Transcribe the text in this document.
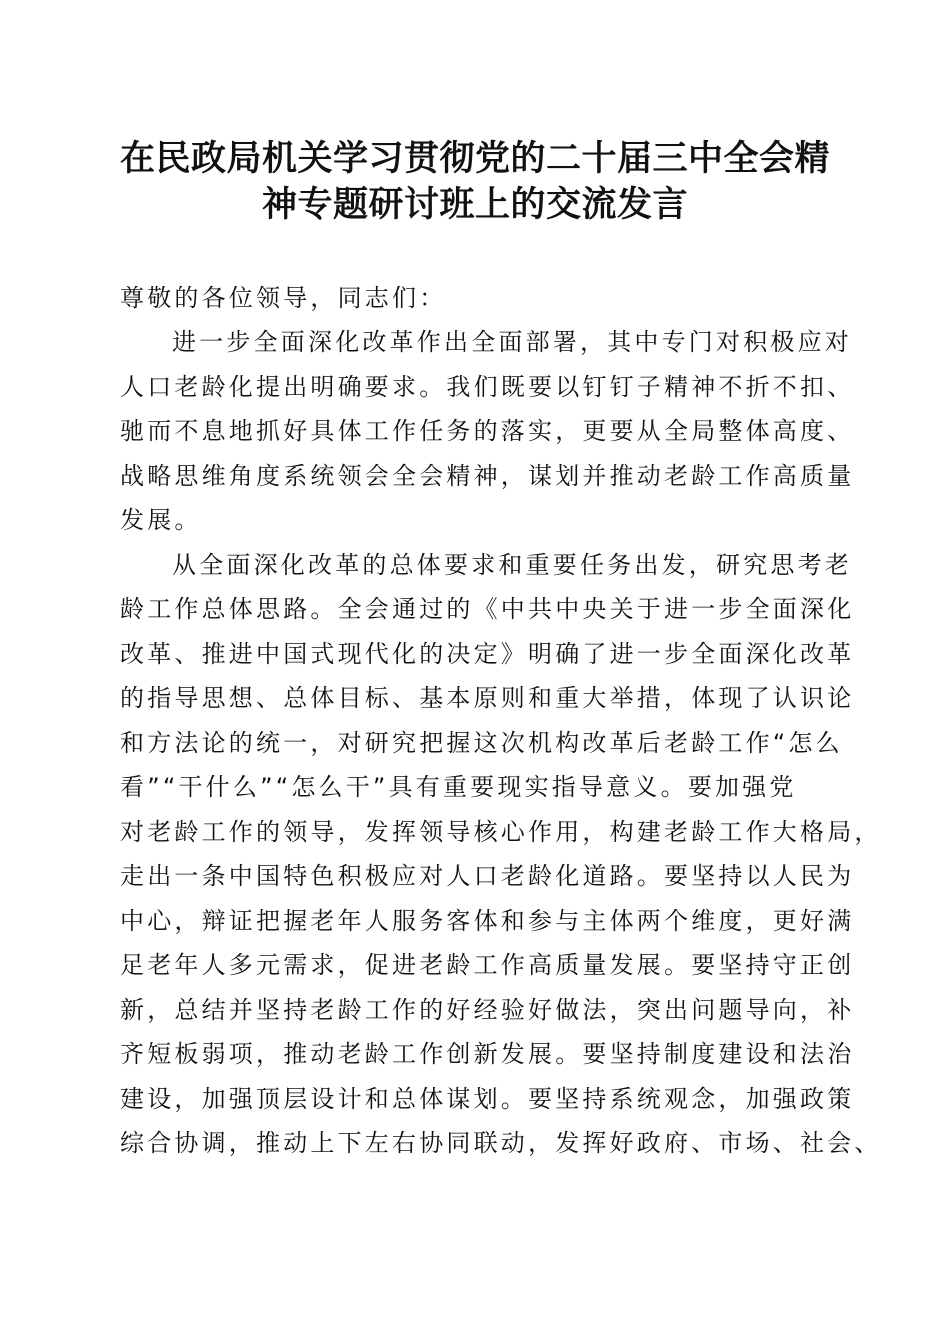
在民政局机关学习贯彻党的二十届三中全会精
神专题研讨班上的交流发言
尊敬的各位领导，同志们：
进一步全面深化改革作出全面部署，其中专门对积极应对
人口老龄化提出明确要求。我们既要以钉钉子精神不折不扣、
驰而不息地抓好具体工作任务的落实，更要从全局整体高度、
战略思维角度系统领会全会精神，谋划并推动老龄工作高质量
发展。
从全面深化改革的总体要求和重要任务出发，研究思考老
龄工作总体思路。全会通过的《中共中央关于进一步全面深化
改革、推进中国式现代化的决定》明确了进一步全面深化改革
的指导思想、总体目标、基本原则和重大举措，体现了认识论
和方法论的统一，对研究把握这次机构改革后老龄工作“怎么
看”“干什么”“怎么干”具有重要现实指导意义。要加强党
对老龄工作的领导，发挥领导核心作用，构建老龄工作大格局，
走出一条中国特色积极应对人口老龄化道路。要坚持以人民为
中心，辩证把握老年人服务客体和参与主体两个维度，更好满
足老年人多元需求，促进老龄工作高质量发展。要坚持守正创
新，总结并坚持老龄工作的好经验好做法，突出问题导向，补
齐短板弱项，推动老龄工作创新发展。要坚持制度建设和法治
建设，加强顶层设计和总体谋划。要坚持系统观念，加强政策
综合协调，推动上下左右协同联动，发挥好政府、市场、社会、
